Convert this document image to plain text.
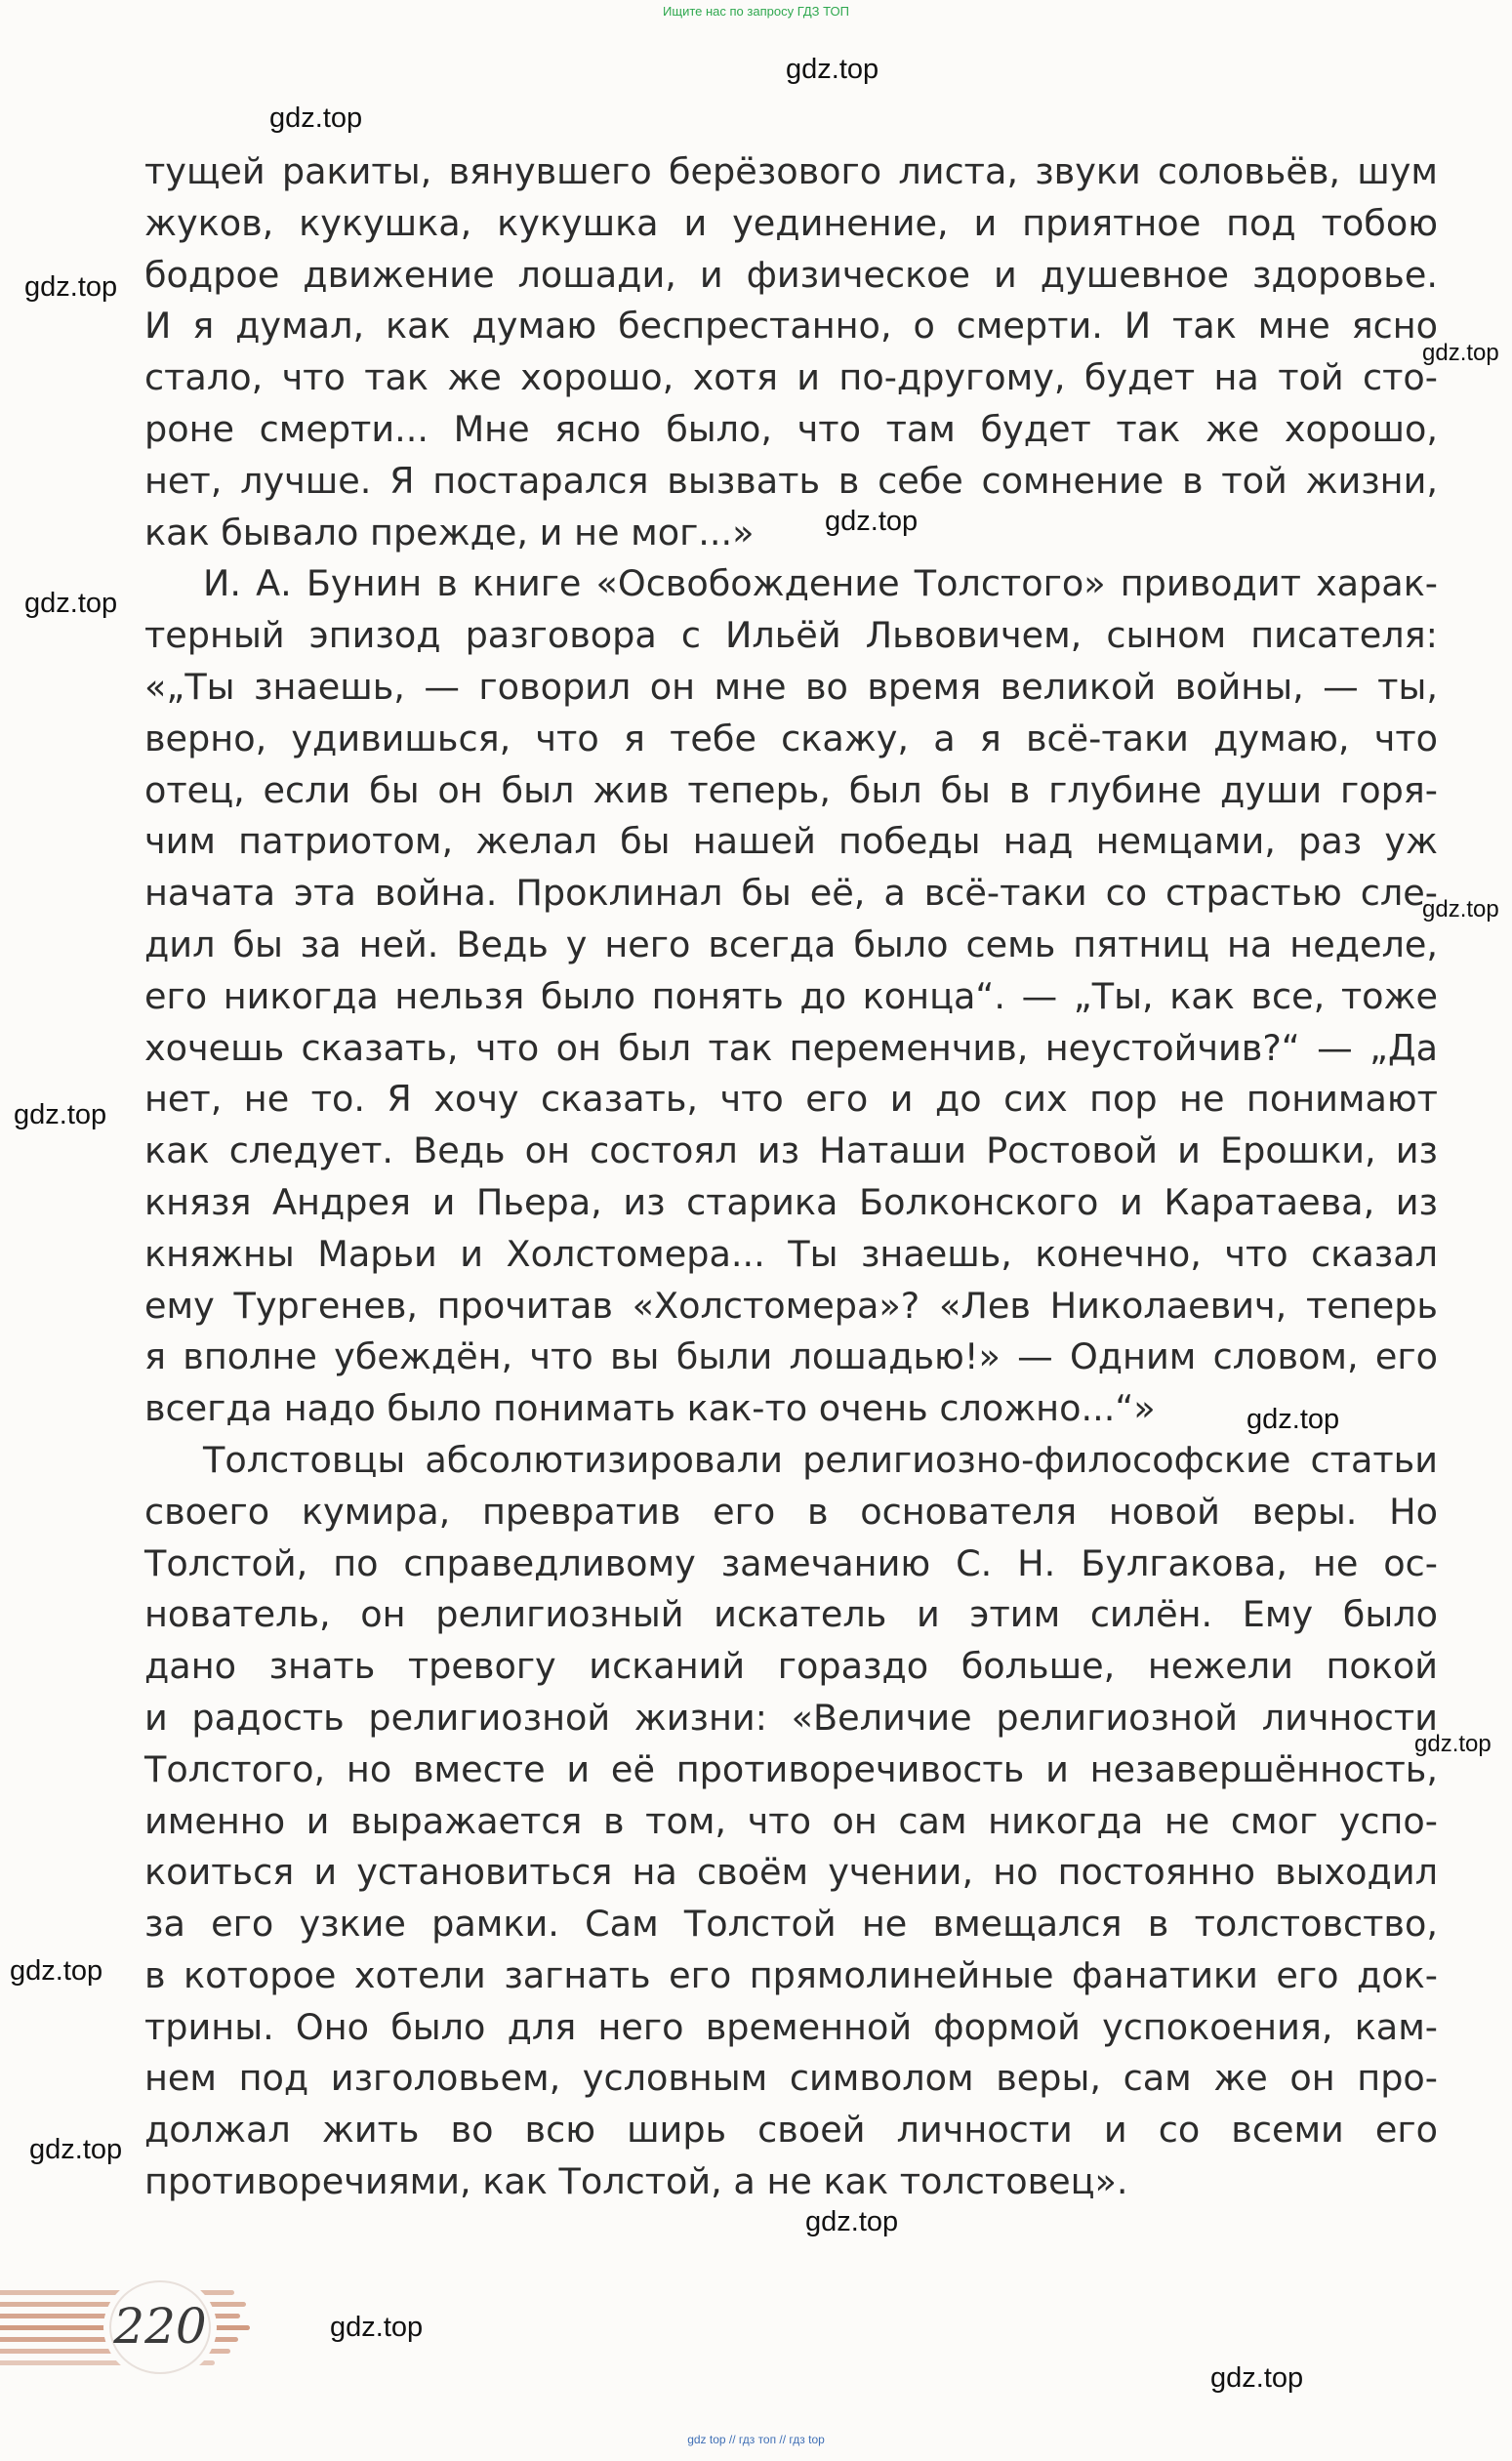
Ищите нас по запросу ГДЗ ТОП
тущей ракиты, вянувшего берёзового листа, звуки соловьёв, шум
жуков, кукушка, кукушка и уединение, и приятное под тобою
бодрое движение лошади, и физическое и душевное здоровье.
И я думал, как думаю беспрестанно, о смерти. И так мне ясно
стало, что так же хорошо, хотя и по-другому, будет на той сто-
роне смерти... Мне ясно было, что там будет так же хорошо,
нет, лучше. Я постарался вызвать в себе сомнение в той жизни,
как бывало прежде, и не мог...»
И. А. Бунин в книге «Освобождение Толстого» приводит харак-
терный эпизод разговора с Ильёй Львовичем, сыном писателя:
«„Ты знаешь, — говорил он мне во время великой войны, — ты,
верно, удивишься, что я тебе скажу, а я всё-таки думаю, что
отец, если бы он был жив теперь, был бы в глубине души горя-
чим патриотом, желал бы нашей победы над немцами, раз уж
начата эта война. Проклинал бы её, а всё-таки со страстью сле-
дил бы за ней. Ведь у него всегда было семь пятниц на неделе,
его никогда нельзя было понять до конца“. — „Ты, как все, тоже
хочешь сказать, что он был так переменчив, неустойчив?“ — „Да
нет, не то. Я хочу сказать, что его и до сих пор не понимают
как следует. Ведь он состоял из Наташи Ростовой и Ерошки, из
князя Андрея и Пьера, из старика Болконского и Каратаева, из
княжны Марьи и Холстомера... Ты знаешь, конечно, что сказал
ему Тургенев, прочитав «Холстомера»? «Лев Николаевич, теперь
я вполне убеждён, что вы были лошадью!» — Одним словом, его
всегда надо было понимать как-то очень сложно...“»
Толстовцы абсолютизировали религиозно-философские статьи
своего кумира, превратив его в основателя новой веры. Но
Толстой, по справедливому замечанию С. Н. Булгакова, не ос-
нователь, он религиозный искатель и этим силён. Ему было
дано знать тревогу исканий гораздо больше, нежели покой
и радость религиозной жизни: «Величие религиозной личности
Толстого, но вместе и её противоречивость и незавершённость,
именно и выражается в том, что он сам никогда не смог успо-
коиться и установиться на своём учении, но постоянно выходил
за его узкие рамки. Сам Толстой не вмещался в толстовство,
в которое хотели загнать его прямолинейные фанатики его док-
трины. Оно было для него временной формой успокоения, кам-
нем под изголовьем, условным символом веры, сам же он про-
должал жить во всю ширь своей личности и со всеми его
противоречиями, как Толстой, а не как толстовец».
gdz.top
gdz.top
gdz.top
gdz.top
gdz.top
gdz.top
gdz.top
gdz.top
gdz.top
gdz.top
gdz.top
gdz.top
gdz.top
gdz.top
gdz.top
220
gdz top // гдз топ // гдз top
